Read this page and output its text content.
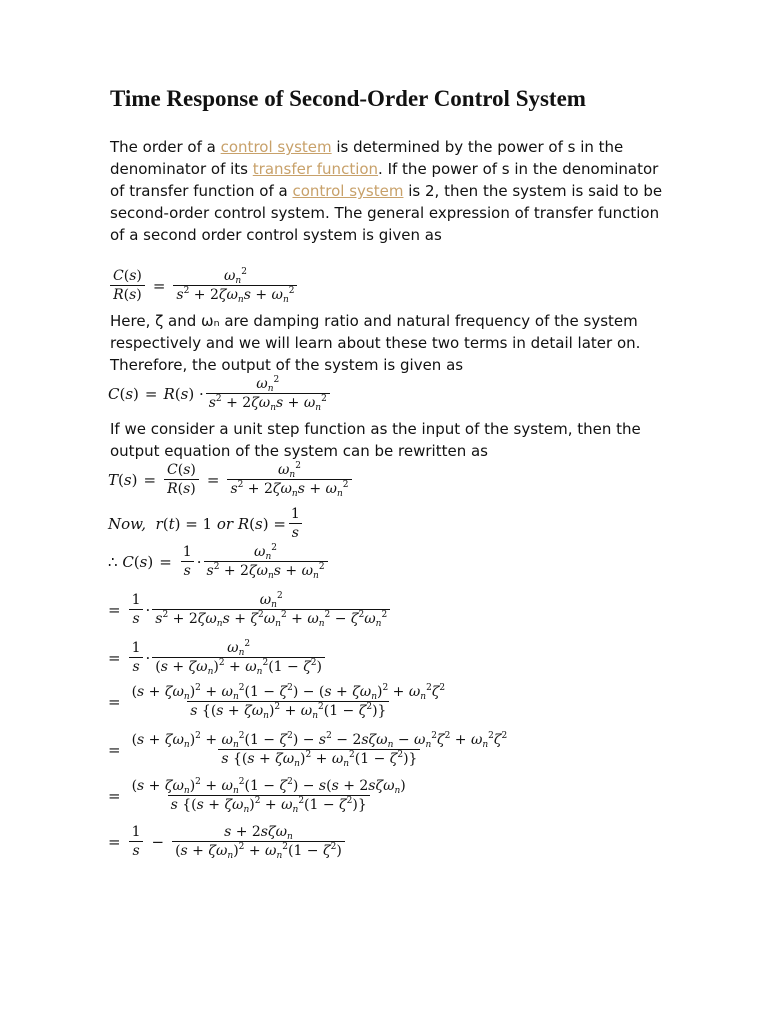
Time Response of Second-Order Control System

The order of a control system is determined by the power of s in the denominator of its transfer function. If the power of s in the denominator of transfer function of a control system is 2, then the system is said to be second-order control system. The general expression of transfer function of a second order control system is given as

$\frac{C(s)}{R(s)} = \frac{\omega_n^2}{s^2 + 2\zeta\omega_ns + \omega_n^2}$

Here, ζ and ωₙ are damping ratio and natural frequency of the system respectively and we will learn about these two terms in detail later on. Therefore, the output of the system is given as

$C(s) = R(s) \cdot \frac{\omega_n^2}{s^2 + 2\zeta\omega_ns + \omega_n^2}$

If we consider a unit step function as the input of the system, then the output equation of the system can be rewritten as

$T(s) = \frac{C(s)}{R(s)} = \frac{\omega_n^2}{s^2 + 2\zeta\omega_ns + \omega_n^2}$
Now, r(t) = 1 or $R(s) = \frac{1}{s}$
∴ $C(s) = \frac{1}{s} \cdot \frac{\omega_n^2}{s^2 + 2\zeta\omega_ns + \omega_n^2}$
= $\frac{1}{s} \cdot \frac{\omega_n^2}{s^2 + 2\zeta\omega_ns + \zeta^2\omega_n^2 + \omega_n^2 - \zeta^2\omega_n^2}$
= $\frac{1}{s} \cdot \frac{\omega_n^2}{(s + \zeta\omega_n)^2 + \omega_n^2(1 - \zeta^2)}$
= $\frac{(s + \zeta\omega_n)^2 + \omega_n^2(1 - \zeta^2) - (s + \zeta\omega_n)^2 + \omega_n^2\zeta^2}{s \{(s + \zeta\omega_n)^2 + \omega_n^2(1 - \zeta^2)\}}$
= $\frac{(s + \zeta\omega_n)^2 + \omega_n^2(1 - \zeta^2) - s^2 - 2s\zeta\omega_n - \omega_n^2\zeta^2 + \omega_n^2\zeta^2}{s \{(s + \zeta\omega_n)^2 + \omega_n^2(1 - \zeta^2)\}}$
= $\frac{(s + \zeta\omega_n)^2 + \omega_n^2(1 - \zeta^2) - s(s + 2s\zeta\omega_n)}{s \{(s + \zeta\omega_n)^2 + \omega_n^2(1 - \zeta^2)\}}$
= $\frac{1}{s} - \frac{s + 2s\zeta\omega_n}{(s + \zeta\omega_n)^2 + \omega_n^2(1 - \zeta^2)}$
